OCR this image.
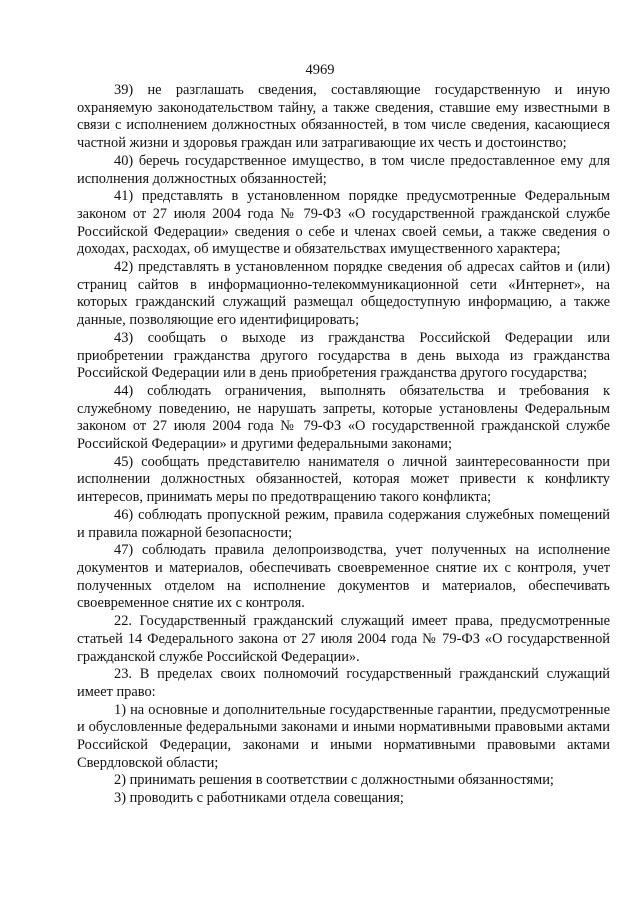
4969

39) не разглашать сведения, составляющие государственную и иную охраняемую законодательством тайну, а также сведения, ставшие ему известными в связи с исполнением должностных обязанностей, в том числе сведения, касающиеся частной жизни и здоровья граждан или затрагивающие их честь и достоинство;

40) беречь государственное имущество, в том числе предоставленное ему для исполнения должностных обязанностей;

41) представлять в установленном порядке предусмотренные Федеральным законом от 27 июля 2004 года № 79-ФЗ «О государственной гражданской службе Российской Федерации» сведения о себе и членах своей семьи, а также сведения о доходах, расходах, об имуществе и обязательствах имущественного характера;

42) представлять в установленном порядке сведения об адресах сайтов и (или) страниц сайтов в информационно-телекоммуникационной сети «Интернет», на которых гражданский служащий размещал общедоступную информацию, а также данные, позволяющие его идентифицировать;

43) сообщать о выходе из гражданства Российской Федерации или приобретении гражданства другого государства в день выхода из гражданства Российской Федерации или в день приобретения гражданства другого государства;

44) соблюдать ограничения, выполнять обязательства и требования к служебному поведению, не нарушать запреты, которые установлены Федеральным законом от 27 июля 2004 года № 79-ФЗ «О государственной гражданской службе Российской Федерации» и другими федеральными законами;

45) сообщать представителю нанимателя о личной заинтересованности при исполнении должностных обязанностей, которая может привести к конфликту интересов, принимать меры по предотвращению такого конфликта;

46) соблюдать пропускной режим, правила содержания служебных помещений и правила пожарной безопасности;

47) соблюдать правила делопроизводства, учет полученных на исполнение документов и материалов, обеспечивать своевременное снятие их с контроля, учет полученных отделом на исполнение документов и материалов, обеспечивать своевременное снятие их с контроля.

22. Государственный гражданский служащий имеет права, предусмотренные статьей 14 Федерального закона от 27 июля 2004 года № 79-ФЗ «О государственной гражданской службе Российской Федерации».

23. В пределах своих полномочий государственный гражданский служащий имеет право:

1) на основные и дополнительные государственные гарантии, предусмотренные и обусловленные федеральными законами и иными нормативными правовыми актами Российской Федерации, законами и иными нормативными правовыми актами Свердловской области;

2) принимать решения в соответствии с должностными обязанностями;

3) проводить с работниками отдела совещания;
